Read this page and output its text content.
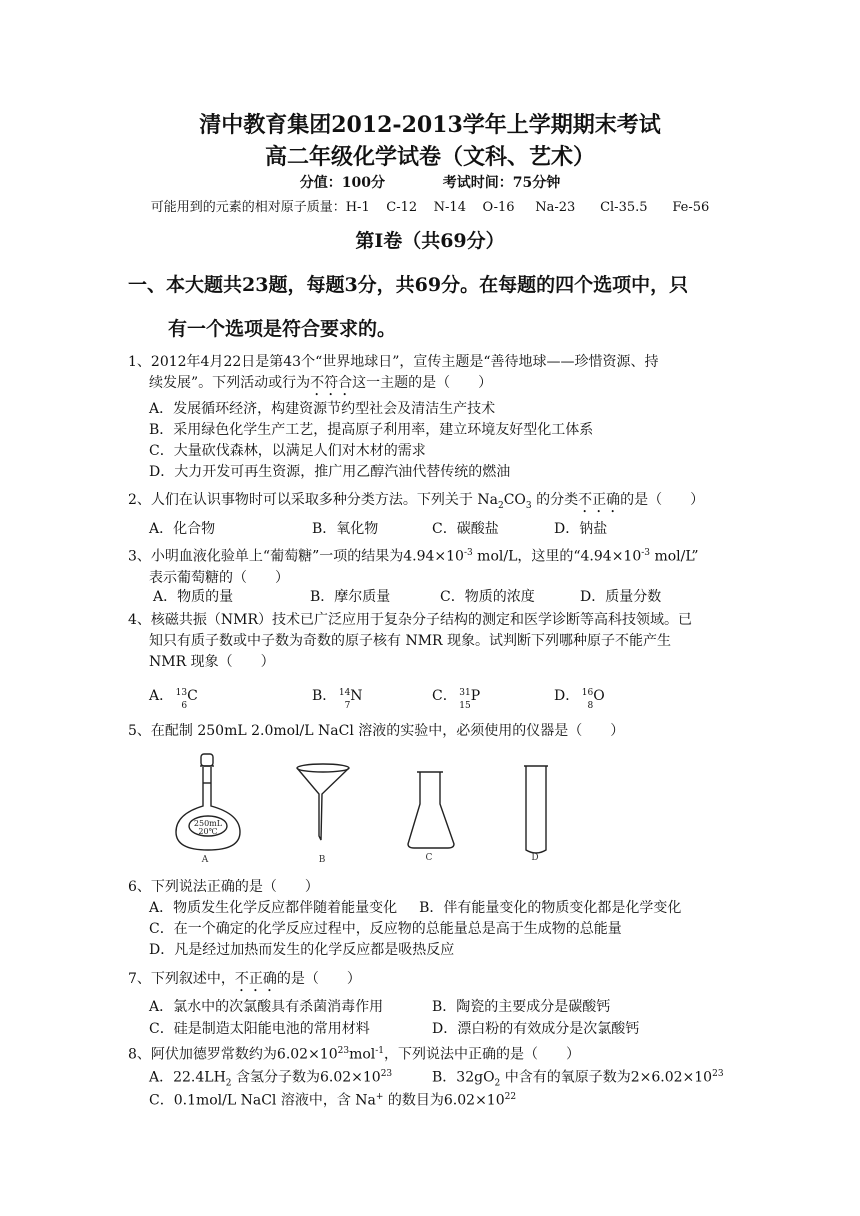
清中教育集团2012-2013学年上学期期末考试
高二年级化学试卷（文科、艺术）
分值：100分	考试时间：75分钟
可能用到的元素的相对原子质量：H-1    C-12    N-14    O-16     Na-23      Cl-35.5      Fe-56
第Ⅰ卷（共69分）
一、本大题共23题，每题3分，共69分。在每题的四个选项中，只
有一个选项是符合要求的。
1、2012年4月22日是第43个“世界地球日”，宣传主题是“善待地球——珍惜资源、持
续发展”。下列活动或行为不符合这一主题的是（　　）
A．发展循环经济，构建资源节约型社会及清洁生产技术
B．采用绿色化学生产工艺，提高原子利用率，建立环境友好型化工体系
C．大量砍伐森林，以满足人们对木材的需求
D．大力开发可再生资源，推广用乙醇汽油代替传统的燃油
2、人们在认识事物时可以采取多种分类方法。下列关于 $Na_2CO_3$ 的分类不正确的是（　　）
A．化合物	B．氧化物	C．碳酸盐	D．钠盐
3、小明血液化验单上“葡萄糖”一项的结果为$4.94\times 10^{-3}$ mol/L，这里的“$4.94\times 10^{-3}$ mol/L”
表示葡萄糖的（　　）
A．物质的量	B．摩尔质量	C．物质的浓度	D．质量分数
4、核磁共振（NMR）技术已广泛应用于复杂分子结构的测定和医学诊断等高科技领域。已
知只有质子数或中子数为奇数的原子核有 NMR 现象。试判断下列哪种原子不能产生
NMR 现象（　　）
A． 13
6
C	B． 14
7
N	C． 31
15
P	D． 16
8
O
5、在配制 250mL 2.0mol/L NaCl 溶液的实验中，必须使用的仪器是（　　）
250mL
20℃
A	B	C	D
6、下列说法正确的是（　　）
A．物质发生化学反应都伴随着能量变化 B．伴有能量变化的物质变化都是化学变化
C．在一个确定的化学反应过程中，反应物的总能量总是高于生成物的总能量
D．凡是经过加热而发生的化学反应都是吸热反应
7、下列叙述中，不正确的是（　　）
A．氯水中的次氯酸具有杀菌消毒作用	B．陶瓷的主要成分是碳酸钙
C．硅是制造太阳能电池的常用材料	D．漂白粉的有效成分是次氯酸钙
8、阿伏加德罗常数约为$6.02\times 10^{23}mol^{-1}$，下列说法中正确的是（　　）
A．$22.4LH_2$ 含氢分子数为$6.02\times 10^{23}$	B．$32gO_2$ 中含有的氧原子数为$2\times 6.02\times 10^{23}$
C．0.1mol/L NaCl 溶液中，含 Na+ 的数目为$6.02\times 10^{22}$
